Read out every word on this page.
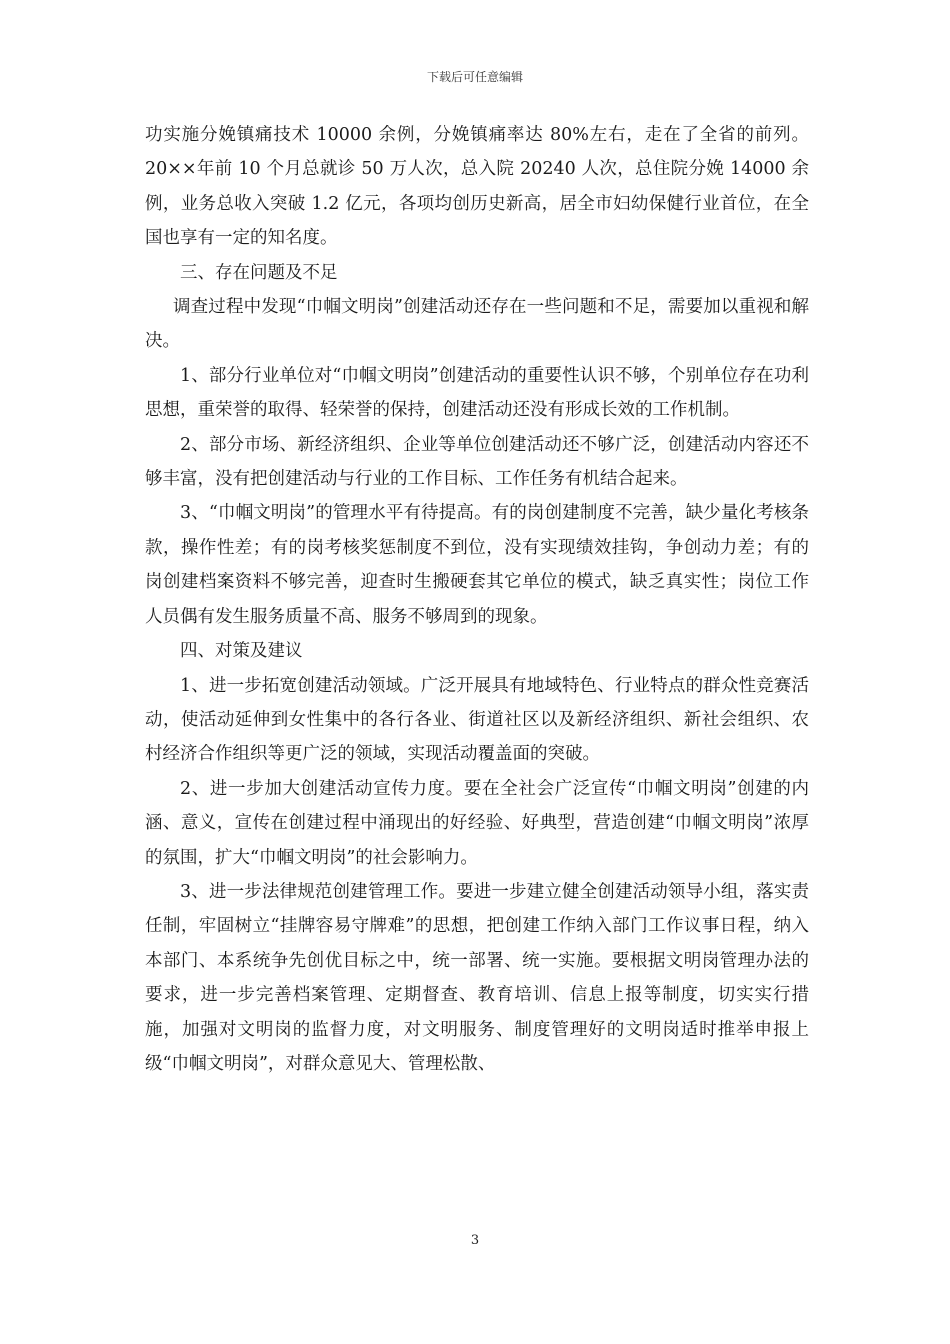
下载后可任意编辑

功实施分娩镇痛技术 10000 余例，分娩镇痛率达 80%左右，走在了全省的前列。20××年前 10 个月总就诊 50 万人次，总入院 20240 人次，总住院分娩 14000 余例，业务总收入突破 1.2 亿元，各项均创历史新高，居全市妇幼保健行业首位，在全国也享有一定的知名度。

三、存在问题及不足

调查过程中发现“巾帼文明岗”创建活动还存在一些问题和不足，需要加以重视和解决。

1、部分行业单位对“巾帼文明岗”创建活动的重要性认识不够，个别单位存在功利思想，重荣誉的取得、轻荣誉的保持，创建活动还没有形成长效的工作机制。

2、部分市场、新经济组织、企业等单位创建活动还不够广泛，创建活动内容还不够丰富，没有把创建活动与行业的工作目标、工作任务有机结合起来。

3、“巾帼文明岗”的管理水平有待提高。有的岗创建制度不完善，缺少量化考核条款，操作性差；有的岗考核奖惩制度不到位，没有实现绩效挂钩，争创动力差；有的岗创建档案资料不够完善，迎查时生搬硬套其它单位的模式，缺乏真实性；岗位工作人员偶有发生服务质量不高、服务不够周到的现象。

四、对策及建议

1、进一步拓宽创建活动领域。广泛开展具有地域特色、行业特点的群众性竞赛活动，使活动延伸到女性集中的各行各业、街道社区以及新经济组织、新社会组织、农村经济合作组织等更广泛的领域，实现活动覆盖面的突破。

2、进一步加大创建活动宣传力度。要在全社会广泛宣传“巾帼文明岗”创建的内涵、意义，宣传在创建过程中涌现出的好经验、好典型，营造创建“巾帼文明岗”浓厚的氛围，扩大“巾帼文明岗”的社会影响力。

3、进一步法律规范创建管理工作。要进一步建立健全创建活动领导小组，落实责任制，牢固树立“挂牌容易守牌难”的思想，把创建工作纳入部门工作议事日程，纳入本部门、本系统争先创优目标之中，统一部署、统一实施。要根据文明岗管理办法的要求，进一步完善档案管理、定期督查、教育培训、信息上报等制度，切实实行措施，加强对文明岗的监督力度，对文明服务、制度管理好的文明岗适时推举申报上级“巾帼文明岗”，对群众意见大、管理松散、

3
